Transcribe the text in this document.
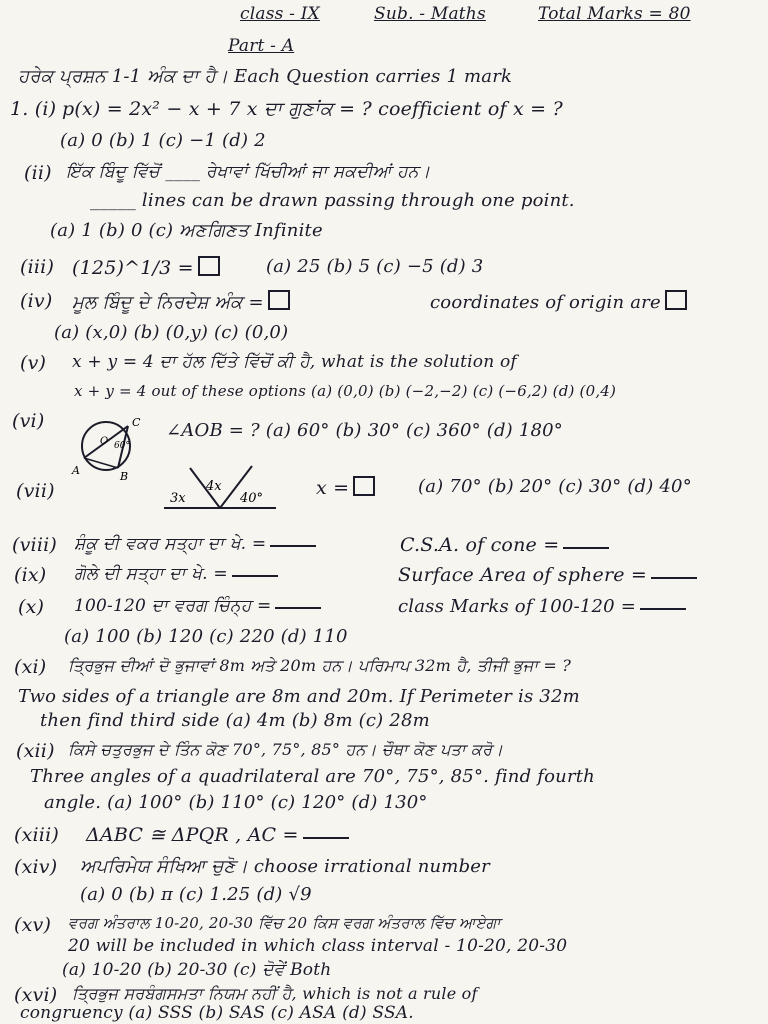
class - IX	Sub. - Maths	Total Marks = 80
Part - A
ਹਰੇਕ ਪ੍ਰਸ਼ਨ 1-1 ਅੰਕ ਦਾ ਹੈ। Each Question carries 1 mark
1. (i) p(x) = 2x² − x + 7 x ਦਾ ਗੁਣਾਂਕ = ? coefficient of x = ?
(a) 0 (b) 1 (c) −1 (d) 2
(ii) ਇੱਕ ਬਿੰਦੂ ਵਿੱਚੋਂ ____ ਰੇਖਾਵਾਂ ਖਿੱਚੀਆਂ ਜਾ ਸਕਦੀਆਂ ਹਨ।
_____ lines can be drawn passing through one point.
(a) 1 (b) 0 (c) ਅਣਗਿਣਤ Infinite
(iii) (125)^1/3 =	(a) 25 (b) 5 (c) −5 (d) 3
(iv) ਮੂਲ ਬਿੰਦੂ ਦੇ ਨਿਰਦੇਸ਼ ਅੰਕ =	coordinates of origin are
(a) (x,0) (b) (0,y) (c) (0,0)
(v) x + y = 4 ਦਾ ਹੱਲ ਦਿੱਤੇ ਵਿੱਚੋਂ ਕੀ ਹੈ, what is the solution of
x + y = 4 out of these options (a) (0,0) (b) (−2,−2) (c) (−6,2) (d) (0,4)
(vi)
A	B
C
O 60°
∠AOB = ? (a) 60° (b) 30° (c) 360° (d) 180°
(vii)	3x
4x
40°	x =	(a) 70° (b) 20° (c) 30° (d) 40°
(viii) ਸ਼ੰਕੂ ਦੀ ਵਕਰ ਸਤ੍ਹਾ ਦਾ ਖੇ. =	C.S.A. of cone =
(ix) ਗੋਲੇ ਦੀ ਸਤ੍ਹਾ ਦਾ ਖੇ. =	Surface Area of sphere =
(x) 100-120 ਦਾ ਵਰਗ ਚਿੰਨ੍ਹ =	class Marks of 100-120 =
(a) 100 (b) 120 (c) 220 (d) 110
(xi) ਤ੍ਰਿਭੁਜ ਦੀਆਂ ਦੋ ਭੁਜਾਵਾਂ 8m ਅਤੇ 20m ਹਨ। ਪਰਿਮਾਪ 32m ਹੈ, ਤੀਜੀ ਭੁਜਾ = ?
Two sides of a triangle are 8m and 20m. If Perimeter is 32m
then find third side (a) 4m (b) 8m (c) 28m
(xii) ਕਿਸੇ ਚਤੁਰਭੁਜ ਦੇ ਤਿੰਨ ਕੋਣ 70°, 75°, 85° ਹਨ। ਚੌਥਾ ਕੋਣ ਪਤਾ ਕਰੋ।
Three angles of a quadrilateral are 70°, 75°, 85°. find fourth
angle. (a) 100° (b) 110° (c) 120° (d) 130°
(xiii) ΔABC ≅ ΔPQR , AC =
(xiv) ਅਪਰਿਮੇਯ ਸੰਖਿਆ ਚੁਣੋ। choose irrational number
(a) 0 (b) π (c) 1.25 (d) √9
(xv) ਵਰਗ ਅੰਤਰਾਲ 10-20, 20-30 ਵਿੱਚ 20 ਕਿਸ ਵਰਗ ਅੰਤਰਾਲ ਵਿੱਚ ਆਏਗਾ
20 will be included in which class interval - 10-20, 20-30
(a) 10-20 (b) 20-30 (c) ਦੋਵੇਂ Both
(xvi) ਤ੍ਰਿਭੁਜ ਸਰਬੰਗਸਮਤਾ ਨਿਯਮ ਨਹੀਂ ਹੈ, which is not a rule of
congruency (a) SSS (b) SAS (c) ASA (d) SSA.
